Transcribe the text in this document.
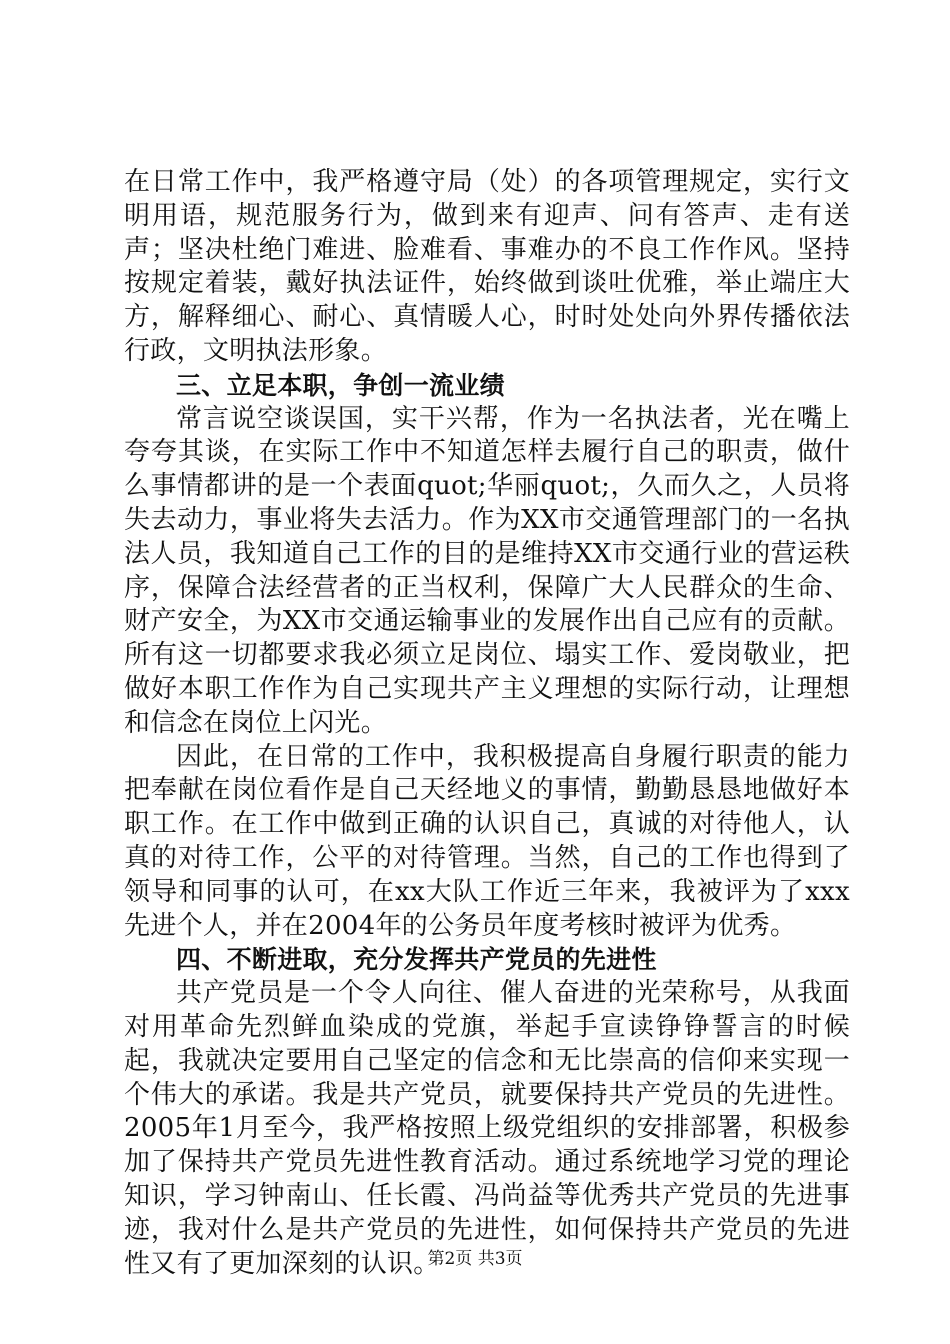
在日常工作中，我严格遵守局（处）的各项管理规定，实行文明用语，规范服务行为，做到来有迎声、问有答声、走有送声；坚决杜绝门难进、脸难看、事难办的不良工作作风。坚持按规定着装，戴好执法证件，始终做到谈吐优雅，举止端庄大方，解释细心、耐心、真情暖人心，时时处处向外界传播依法行政，文明执法形象。

三、立足本职，争创一流业绩

常言说空谈误国，实干兴帮，作为一名执法者，光在嘴上夸夸其谈，在实际工作中不知道怎样去履行自己的职责，做什么事情都讲的是一个表面quot;华丽quot;，久而久之，人员将失去动力，事业将失去活力。作为XX市交通管理部门的一名执法人员，我知道自己工作的目的是维持XX市交通行业的营运秩序，保障合法经营者的正当权利，保障广大人民群众的生命、财产安全，为XX市交通运输事业的发展作出自己应有的贡献。所有这一切都要求我必须立足岗位、塌实工作、爱岗敬业，把做好本职工作作为自己实现共产主义理想的实际行动，让理想和信念在岗位上闪光。

因此，在日常的工作中，我积极提高自身履行职责的能力把奉献在岗位看作是自己天经地义的事情，勤勤恳恳地做好本职工作。在工作中做到正确的认识自己，真诚的对待他人，认真的对待工作，公平的对待管理。当然，自己的工作也得到了领导和同事的认可，在xx大队工作近三年来，我被评为了xxx先进个人，并在2004年的公务员年度考核时被评为优秀。

四、不断进取，充分发挥共产党员的先进性

共产党员是一个令人向往、催人奋进的光荣称号，从我面对用革命先烈鲜血染成的党旗，举起手宣读铮铮誓言的时候起，我就决定要用自己坚定的信念和无比崇高的信仰来实现一个伟大的承诺。我是共产党员，就要保持共产党员的先进性。2005年1月至今，我严格按照上级党组织的安排部署，积极参加了保持共产党员先进性教育活动。通过系统地学习党的理论知识，学习钟南山、任长霞、冯尚益等优秀共产党员的先进事迹，我对什么是共产党员的先进性，如何保持共产党员的先进性又有了更加深刻的认识。

第2页 共3页
